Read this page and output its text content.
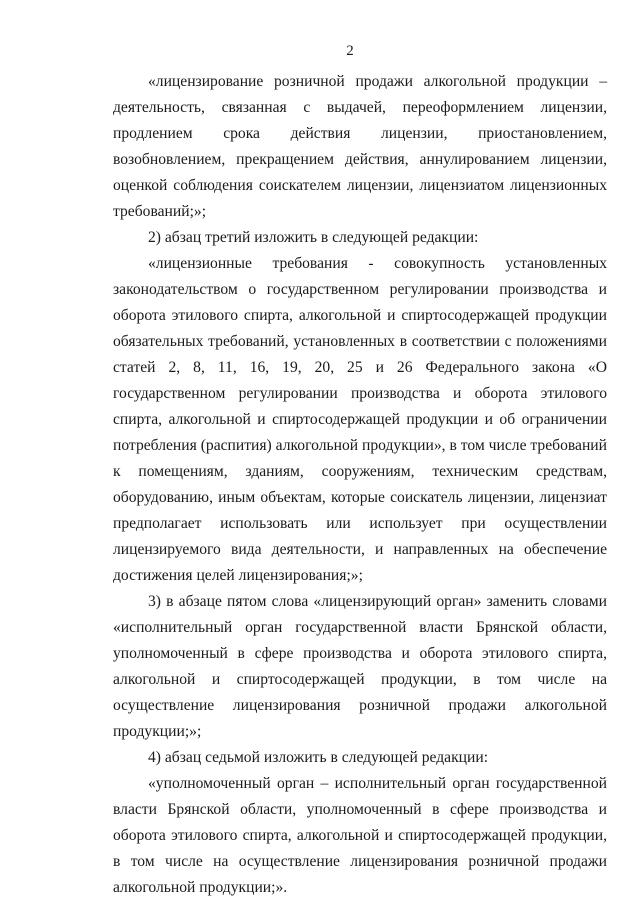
2

«лицензирование розничной продажи алкогольной продукции – деятельность, связанная с выдачей, переоформлением лицензии, продлением срока действия лицензии, приостановлением, возобновлением, прекращением действия, аннулированием лицензии, оценкой соблюдения соискателем лицензии, лицензиатом лицензионных требований;»;

2) абзац третий изложить в следующей редакции:

«лицензионные требования - совокупность установленных законодательством о государственном регулировании производства и оборота этилового спирта, алкогольной и спиртосодержащей продукции обязательных требований, установленных в соответствии с положениями статей 2, 8, 11, 16, 19, 20, 25 и 26 Федерального закона «О государственном регулировании производства и оборота этилового спирта, алкогольной и спиртосодержащей продукции и об ограничении потребления (распития) алкогольной продукции», в том числе требований к помещениям, зданиям, сооружениям, техническим средствам, оборудованию, иным объектам, которые соискатель лицензии, лицензиат предполагает использовать или использует при осуществлении лицензируемого вида деятельности, и направленных на обеспечение достижения целей лицензирования;»;

3) в абзаце пятом слова «лицензирующий орган» заменить словами «исполнительный орган государственной власти Брянской области, уполномоченный в сфере производства и оборота этилового спирта, алкогольной и спиртосодержащей продукции, в том числе на осуществление лицензирования розничной продажи алкогольной продукции;»;

4) абзац седьмой изложить в следующей редакции:

«уполномоченный орган – исполнительный орган государственной власти Брянской области, уполномоченный в сфере производства и оборота этилового спирта, алкогольной и спиртосодержащей продукции, в том числе на осуществление лицензирования розничной продажи алкогольной продукции;».
